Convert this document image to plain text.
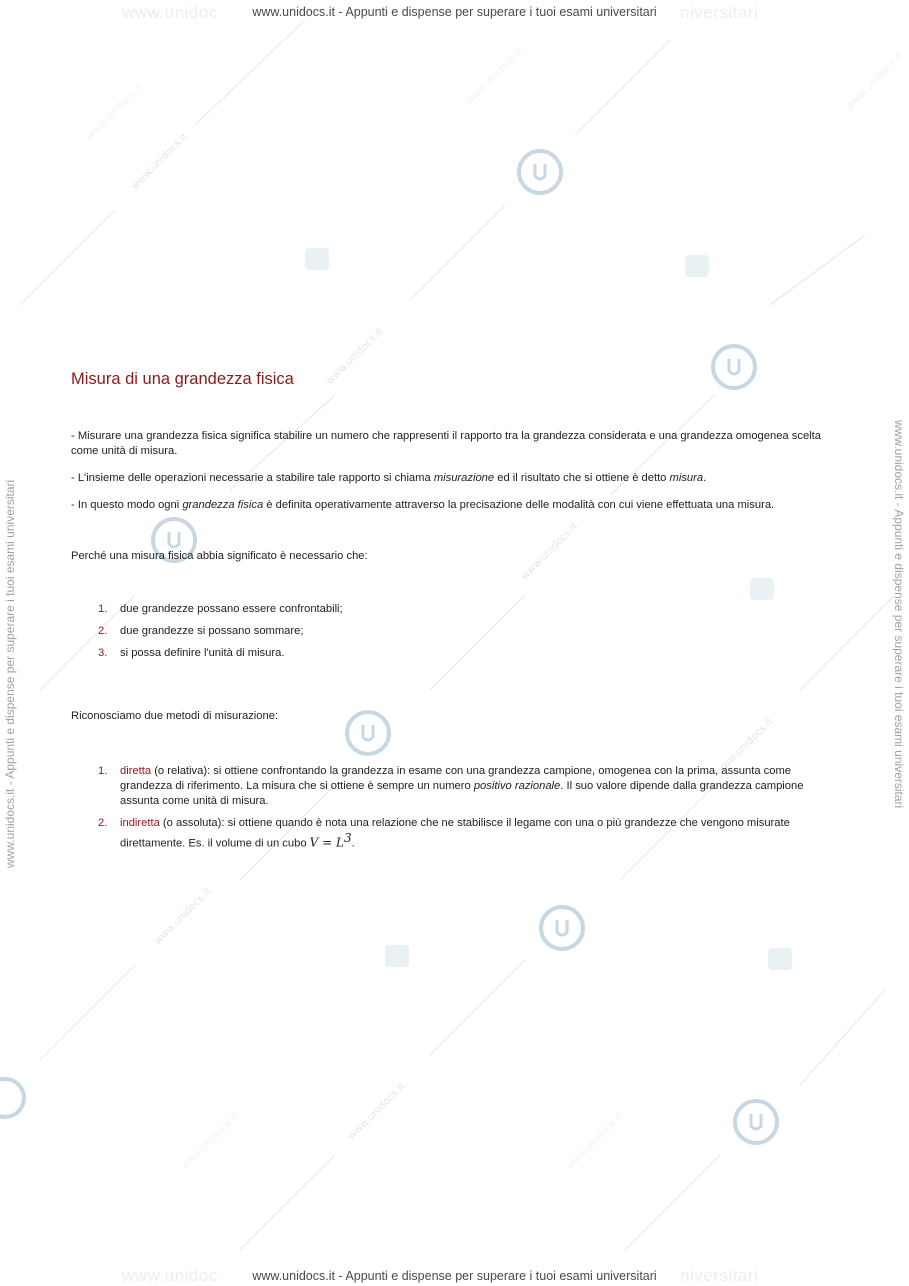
www.unidocs.it
www.unidocs.it
www.unidocs.it
www.unidocs.it
www.unidocs.it
www.unidocs.it
www.unidocs.it
www.unidocs.it	www.unidocs.it
www.unidocs.it
www.unidocs.it
www.unidoc	niversitari
www.unidoc	niversitari
www.unidocs.it - Appunti e dispense per superare i tuoi esami universitari
www.unidocs.it - Appunti e dispense per superare i tuoi esami universitari
www.unidocs.it - Appunti e dispense per superare i tuoi esami universitari	www.unidocs.it - Appunti e dispense per superare i tuoi esami universitari
Misura di una grandezza fisica

- Misurare una grandezza fisica significa stabilire un numero che rappresenti il rapporto tra la grandezza considerata e una grandezza omogenea scelta come unità di misura.

- L'insieme delle operazioni necessarie a stabilire tale rapporto si chiama misurazione ed il risultato che si ottiene è detto misura.

- In questo modo ogni grandezza fisica è definita operativamente attraverso la precisazione delle modalità con cui viene effettuata una misura.

Perché una misura fisica abbia significato è necessario che:

1. due grandezze possano essere confrontabili;
2. due grandezze si possano sommare;
3. si possa definire l'unità di misura.

Riconosciamo due metodi di misurazione:

1. diretta (o relativa): si ottiene confrontando la grandezza in esame con una grandezza campione, omogenea con la prima, assunta come grandezza di riferimento. La misura che si ottiene è sempre un numero positivo razionale. Il suo valore dipende dalla grandezza campione assunta come unità di misura.
2. indiretta (o assoluta): si ottiene quando è nota una relazione che ne stabilisce il legame con una o più grandezze che vengono misurate direttamente. Es. il volume di un cubo $V = L^3$.
